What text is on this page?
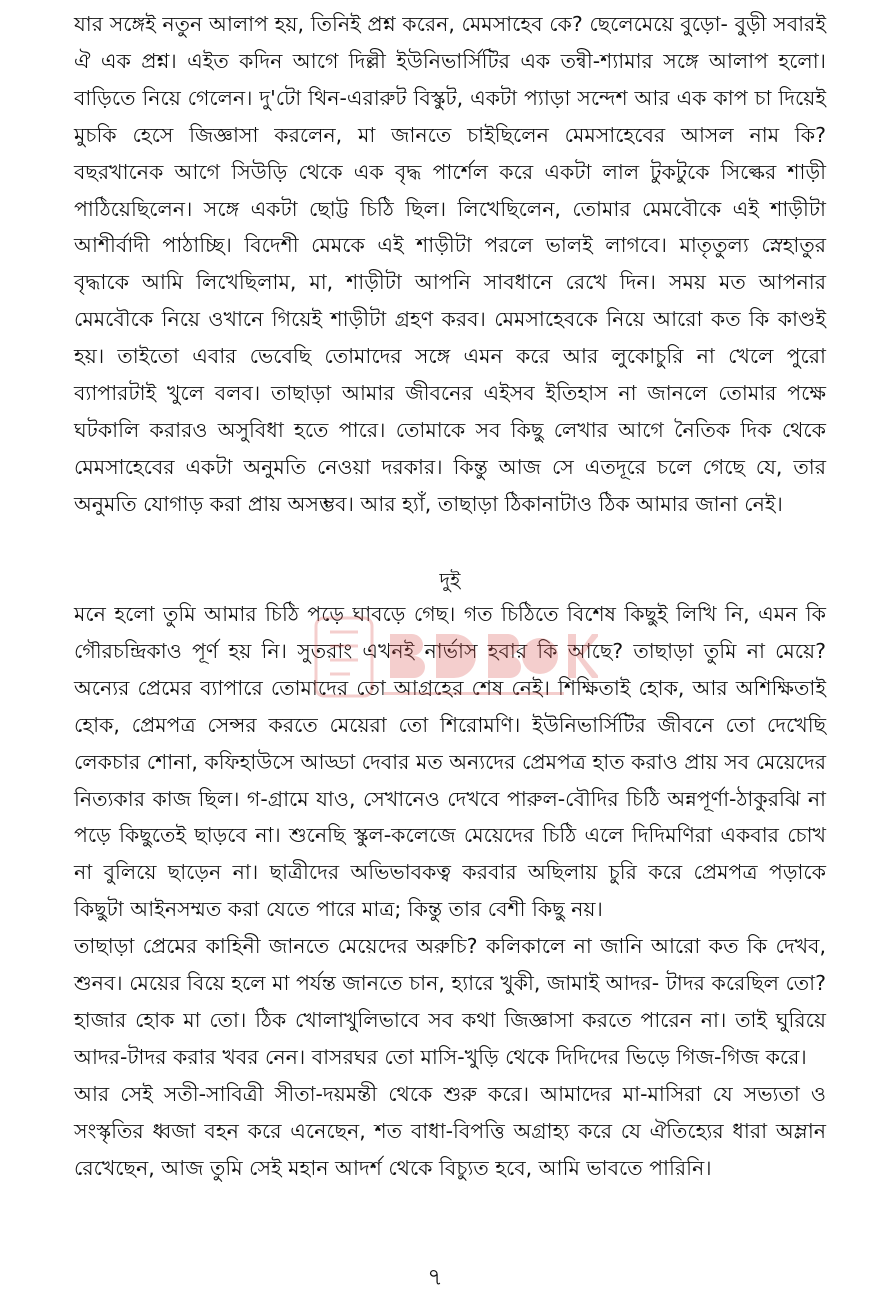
যার সঙ্গেই নতুন আলাপ হয়, তিনিই প্রশ্ন করেন, মেমসাহেব কে? ছেলেমেয়ে বুড়ো- বুড়ী সবারই ঐ এক প্রশ্ন। এইত কদিন আগে দিল্লী ইউনিভার্সিটির এক তন্বী-শ্যামার সঙ্গে আলাপ হলো। বাড়িতে নিয়ে গেলেন। দু'টো থিন-এরারুট বিস্কুট, একটা প্যাড়া সন্দেশ আর এক কাপ চা দিয়েই মুচকি হেসে জিজ্ঞাসা করলেন, মা জানতে চাইছিলেন মেমসাহেবের আসল নাম কি? বছরখানেক আগে সিউড়ি থেকে এক বৃদ্ধ পার্শেল করে একটা লাল টুকটুকে সিল্কের শাড়ী পাঠিয়েছিলেন। সঙ্গে একটা ছোট্ট চিঠি ছিল। লিখেছিলেন, তোমার মেমবৌকে এই শাড়ীটা আশীর্বাদী পাঠাচ্ছি। বিদেশী মেমকে এই শাড়ীটা পরলে ভালই লাগবে। মাতৃতুল্য স্নেহাতুর বৃদ্ধাকে আমি লিখেছিলাম, মা, শাড়ীটা আপনি সাবধানে রেখে দিন। সময় মত আপনার মেমবৌকে নিয়ে ওখানে গিয়েই শাড়ীটা গ্রহণ করব। মেমসাহেবকে নিয়ে আরো কত কি কাণ্ডই হয়। তাইতো এবার ভেবেছি তোমাদের সঙ্গে এমন করে আর লুকোচুরি না খেলে পুরো ব্যাপারটাই খুলে বলব। তাছাড়া আমার জীবনের এইসব ইতিহাস না জানলে তোমার পক্ষে ঘটকালি করারও অসুবিধা হতে পারে। তোমাকে সব কিছু লেখার আগে নৈতিক দিক থেকে মেমসাহেবের একটা অনুমতি নেওয়া দরকার। কিন্তু আজ সে এতদূরে চলে গেছে যে, তার অনুমতি যোগাড় করা প্রায় অসম্ভব। আর হ্যাঁ, তাছাড়া ঠিকানাটাও ঠিক আমার জানা নেই।

দুই

মনে হলো তুমি আমার চিঠি পড়ে ঘাবড়ে গেছ। গত চিঠিতে বিশেষ কিছুই লিখি নি, এমন কি গৌরচন্দ্রিকাও পূর্ণ হয় নি। সুতরাং এখনই নার্ভাস হবার কি আছে? তাছাড়া তুমি না মেয়ে? অন্যের প্রেমের ব্যাপারে তোমাদের তো আগ্রহের শেষ নেই। শিক্ষিতাই হোক, আর অশিক্ষিতাই হোক, প্রেমপত্র সেন্সর করতে মেয়েরা তো শিরোমণি। ইউনিভার্সিটির জীবনে তো দেখেছি লেকচার শোনা, কফিহাউসে আড্ডা দেবার মত অন্যদের প্রেমপত্র হাত করাও প্রায় সব মেয়েদের নিত্যকার কাজ ছিল। গ-গ্রামে যাও, সেখানেও দেখবে পারুল-বৌদির চিঠি অন্নপূর্ণা-ঠাকুরঝি না পড়ে কিছুতেই ছাড়বে না। শুনেছি স্কুল-কলেজে মেয়েদের চিঠি এলে দিদিমণিরা একবার চোখ না বুলিয়ে ছাড়েন না। ছাত্রীদের অভিভাবকত্ব করবার অছিলায় চুরি করে প্রেমপত্র পড়াকে কিছুটা আইনসম্মত করা যেতে পারে মাত্র; কিন্তু তার বেশী কিছু নয়।

তাছাড়া প্রেমের কাহিনী জানতে মেয়েদের অরুচি? কলিকালে না জানি আরো কত কি দেখব, শুনব। মেয়ের বিয়ে হলে মা পর্যন্ত জানতে চান, হ্যারে খুকী, জামাই আদর- টাদর করেছিল তো? হাজার হোক মা তো। ঠিক খোলাখুলিভাবে সব কথা জিজ্ঞাসা করতে পারেন না। তাই ঘুরিয়ে আদর-টাদর করার খবর নেন। বাসরঘর তো মাসি-খুড়ি থেকে দিদিদের ভিড়ে গিজ-গিজ করে।

আর সেই সতী-সাবিত্রী সীতা-দয়মন্তী থেকে শুরু করে। আমাদের মা-মাসিরা যে সভ্যতা ও সংস্কৃতির ধ্বজা বহন করে এনেছেন, শত বাধা-বিপত্তি অগ্রাহ্য করে যে ঐতিহ্যের ধারা অম্লান রেখেছেন, আজ তুমি সেই মহান আদর্শ থেকে বিচ্যুত হবে, আমি ভাবতে পারিনি।

৭
